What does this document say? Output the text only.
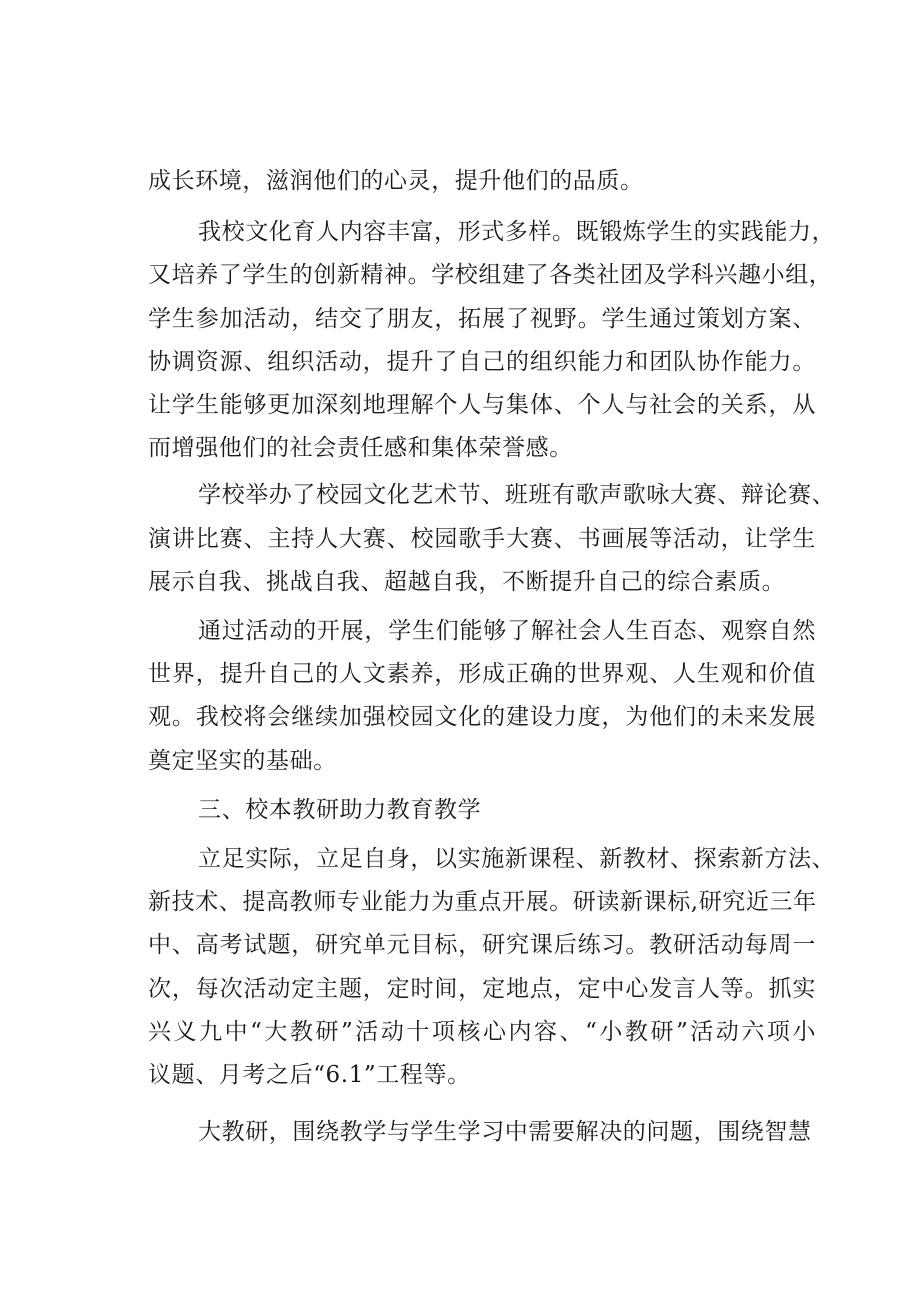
成长环境，滋润他们的心灵，提升他们的品质。
我校文化育人内容丰富，形式多样。既锻炼学生的实践能力，
又培养了学生的创新精神。学校组建了各类社团及学科兴趣小组，
学生参加活动，结交了朋友，拓展了视野。学生通过策划方案、
协调资源、组织活动，提升了自己的组织能力和团队协作能力。
让学生能够更加深刻地理解个人与集体、个人与社会的关系，从
而增强他们的社会责任感和集体荣誉感。
学校举办了校园文化艺术节、班班有歌声歌咏大赛、辩论赛、
演讲比赛、主持人大赛、校园歌手大赛、书画展等活动，让学生
展示自我、挑战自我、超越自我，不断提升自己的综合素质。
通过活动的开展，学生们能够了解社会人生百态、观察自然
世界，提升自己的人文素养，形成正确的世界观、人生观和价值
观。我校将会继续加强校园文化的建设力度，为他们的未来发展
奠定坚实的基础。
三、校本教研助力教育教学
立足实际，立足自身，以实施新课程、新教材、探索新方法、
新技术、提高教师专业能力为重点开展。研读新课标,研究近三年
中、高考试题，研究单元目标，研究课后练习。教研活动每周一
次，每次活动定主题，定时间，定地点，定中心发言人等。抓实
兴义九中“大教研”活动十项核心内容、“小教研”活动六项小
议题、月考之后“6.1”工程等。
大教研，围绕教学与学生学习中需要解决的问题，围绕智慧
